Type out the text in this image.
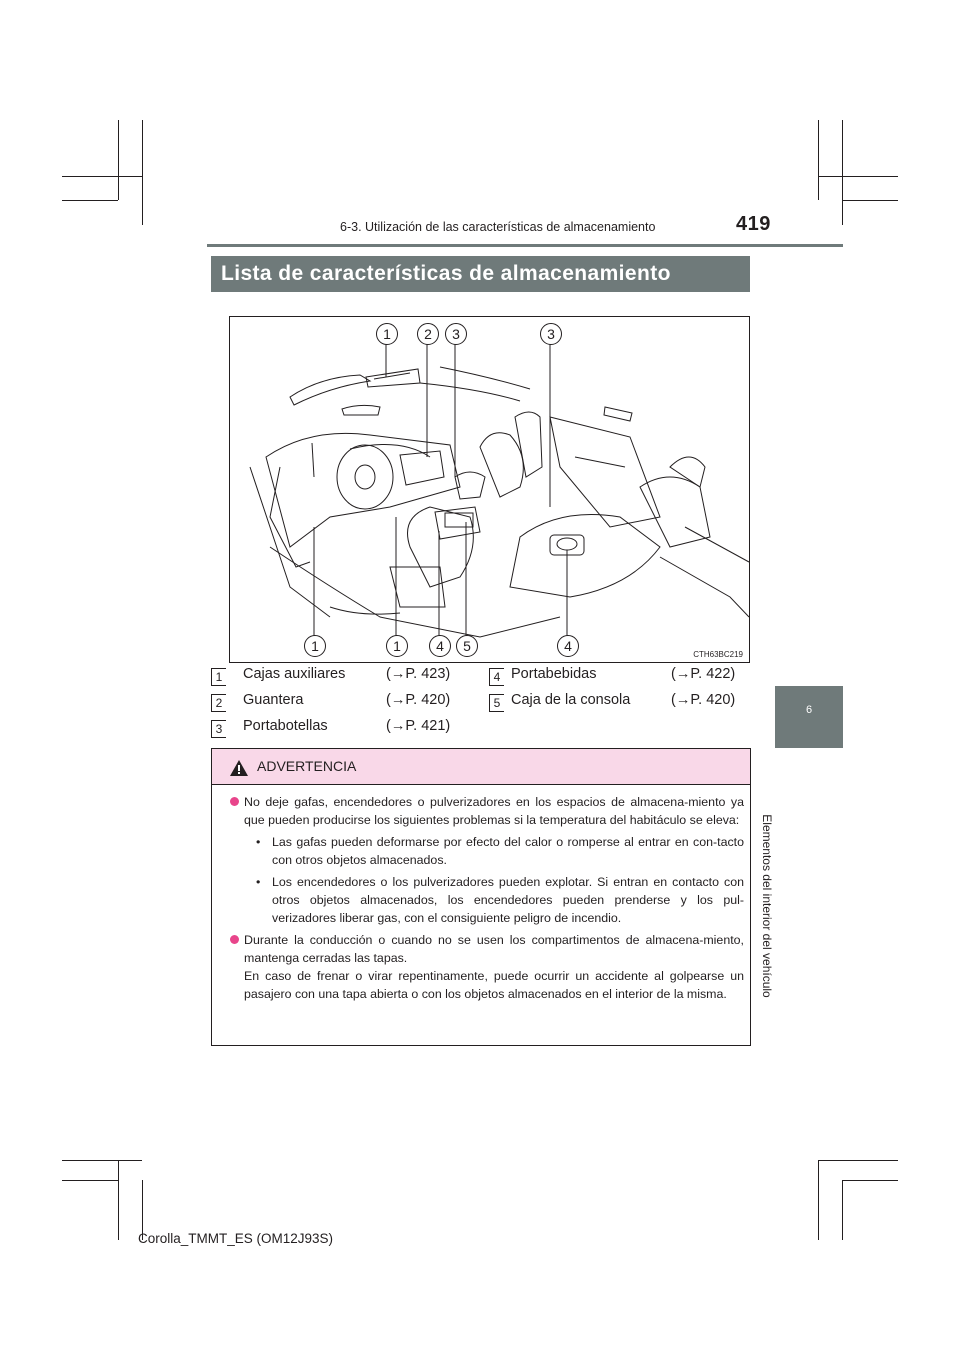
6-3. Utilización de las características de almacenamiento	419
6
Elementos del interior del vehículo
Lista de características de almacenamiento
1	2	3	3
1	1	4	5	4
CTH63BC219
1 Cajas auxiliares	(→P. 423)
2 Guantera	(→P. 420)
3 Portabotellas	(→P. 421)
4 Portabebidas	(→P. 422)
5 Caja de la consola	(→P. 420)
ADVERTENCIA
No deje gafas, encendedores o pulverizadores en los espacios de almacena-miento ya que pueden producirse los siguientes problemas si la temperatura del habitáculo se eleva:
• Las gafas pueden deformarse por efecto del calor o romperse al entrar en con-tacto con otros objetos almacenados.
• Los encendedores o los pulverizadores pueden explotar. Si entran en contacto con otros objetos almacenados, los encendedores pueden prenderse y los pul-verizadores liberar gas, con el consiguiente peligro de incendio.
Durante la conducción o cuando no se usen los compartimentos de almacena-miento, mantenga cerradas las tapas.
En caso de frenar o virar repentinamente, puede ocurrir un accidente al golpearse un pasajero con una tapa abierta o con los objetos almacenados en el interior de la misma.
Corolla_TMMT_ES (OM12J93S)
